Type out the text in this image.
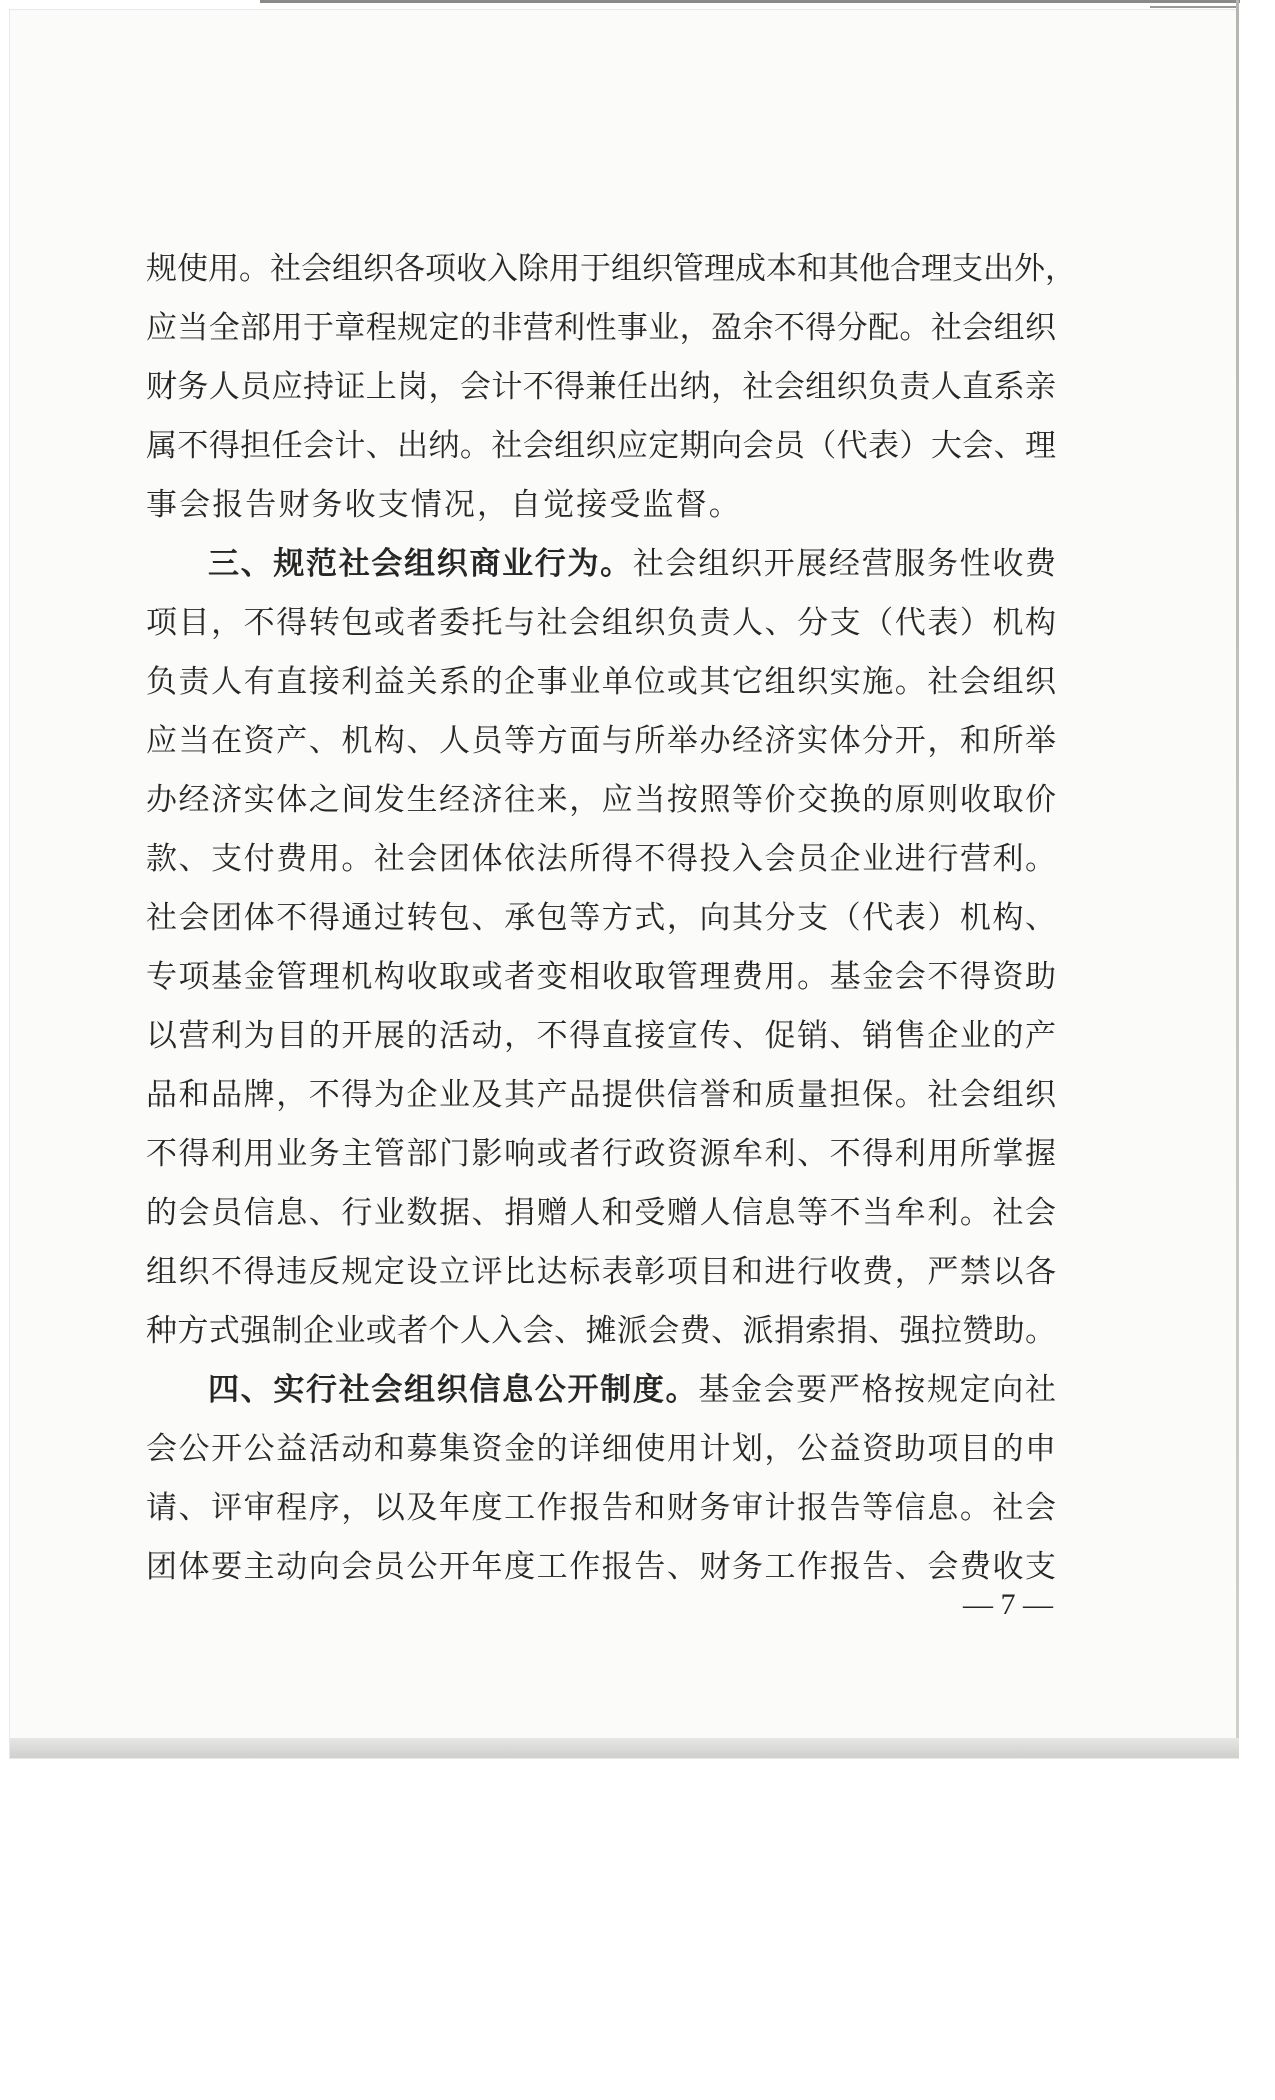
规使用。社会组织各项收入除用于组织管理成本和其他合理支出外，
应当全部用于章程规定的非营利性事业，盈余不得分配。社会组织
财务人员应持证上岗，会计不得兼任出纳，社会组织负责人直系亲
属不得担任会计、出纳。社会组织应定期向会员（代表）大会、理
事会报告财务收支情况，自觉接受监督。
三、规范社会组织商业行为。社会组织开展经营服务性收费
项目，不得转包或者委托与社会组织负责人、分支（代表）机构
负责人有直接利益关系的企事业单位或其它组织实施。社会组织
应当在资产、机构、人员等方面与所举办经济实体分开，和所举
办经济实体之间发生经济往来，应当按照等价交换的原则收取价
款、支付费用。社会团体依法所得不得投入会员企业进行营利。
社会团体不得通过转包、承包等方式，向其分支（代表）机构、
专项基金管理机构收取或者变相收取管理费用。基金会不得资助
以营利为目的开展的活动，不得直接宣传、促销、销售企业的产
品和品牌，不得为企业及其产品提供信誉和质量担保。社会组织
不得利用业务主管部门影响或者行政资源牟利、不得利用所掌握
的会员信息、行业数据、捐赠人和受赠人信息等不当牟利。社会
组织不得违反规定设立评比达标表彰项目和进行收费，严禁以各
种方式强制企业或者个人入会、摊派会费、派捐索捐、强拉赞助。
四、实行社会组织信息公开制度。基金会要严格按规定向社
会公开公益活动和募集资金的详细使用计划，公益资助项目的申
请、评审程序，以及年度工作报告和财务审计报告等信息。社会
团体要主动向会员公开年度工作报告、财务工作报告、会费收支
— 7 —
